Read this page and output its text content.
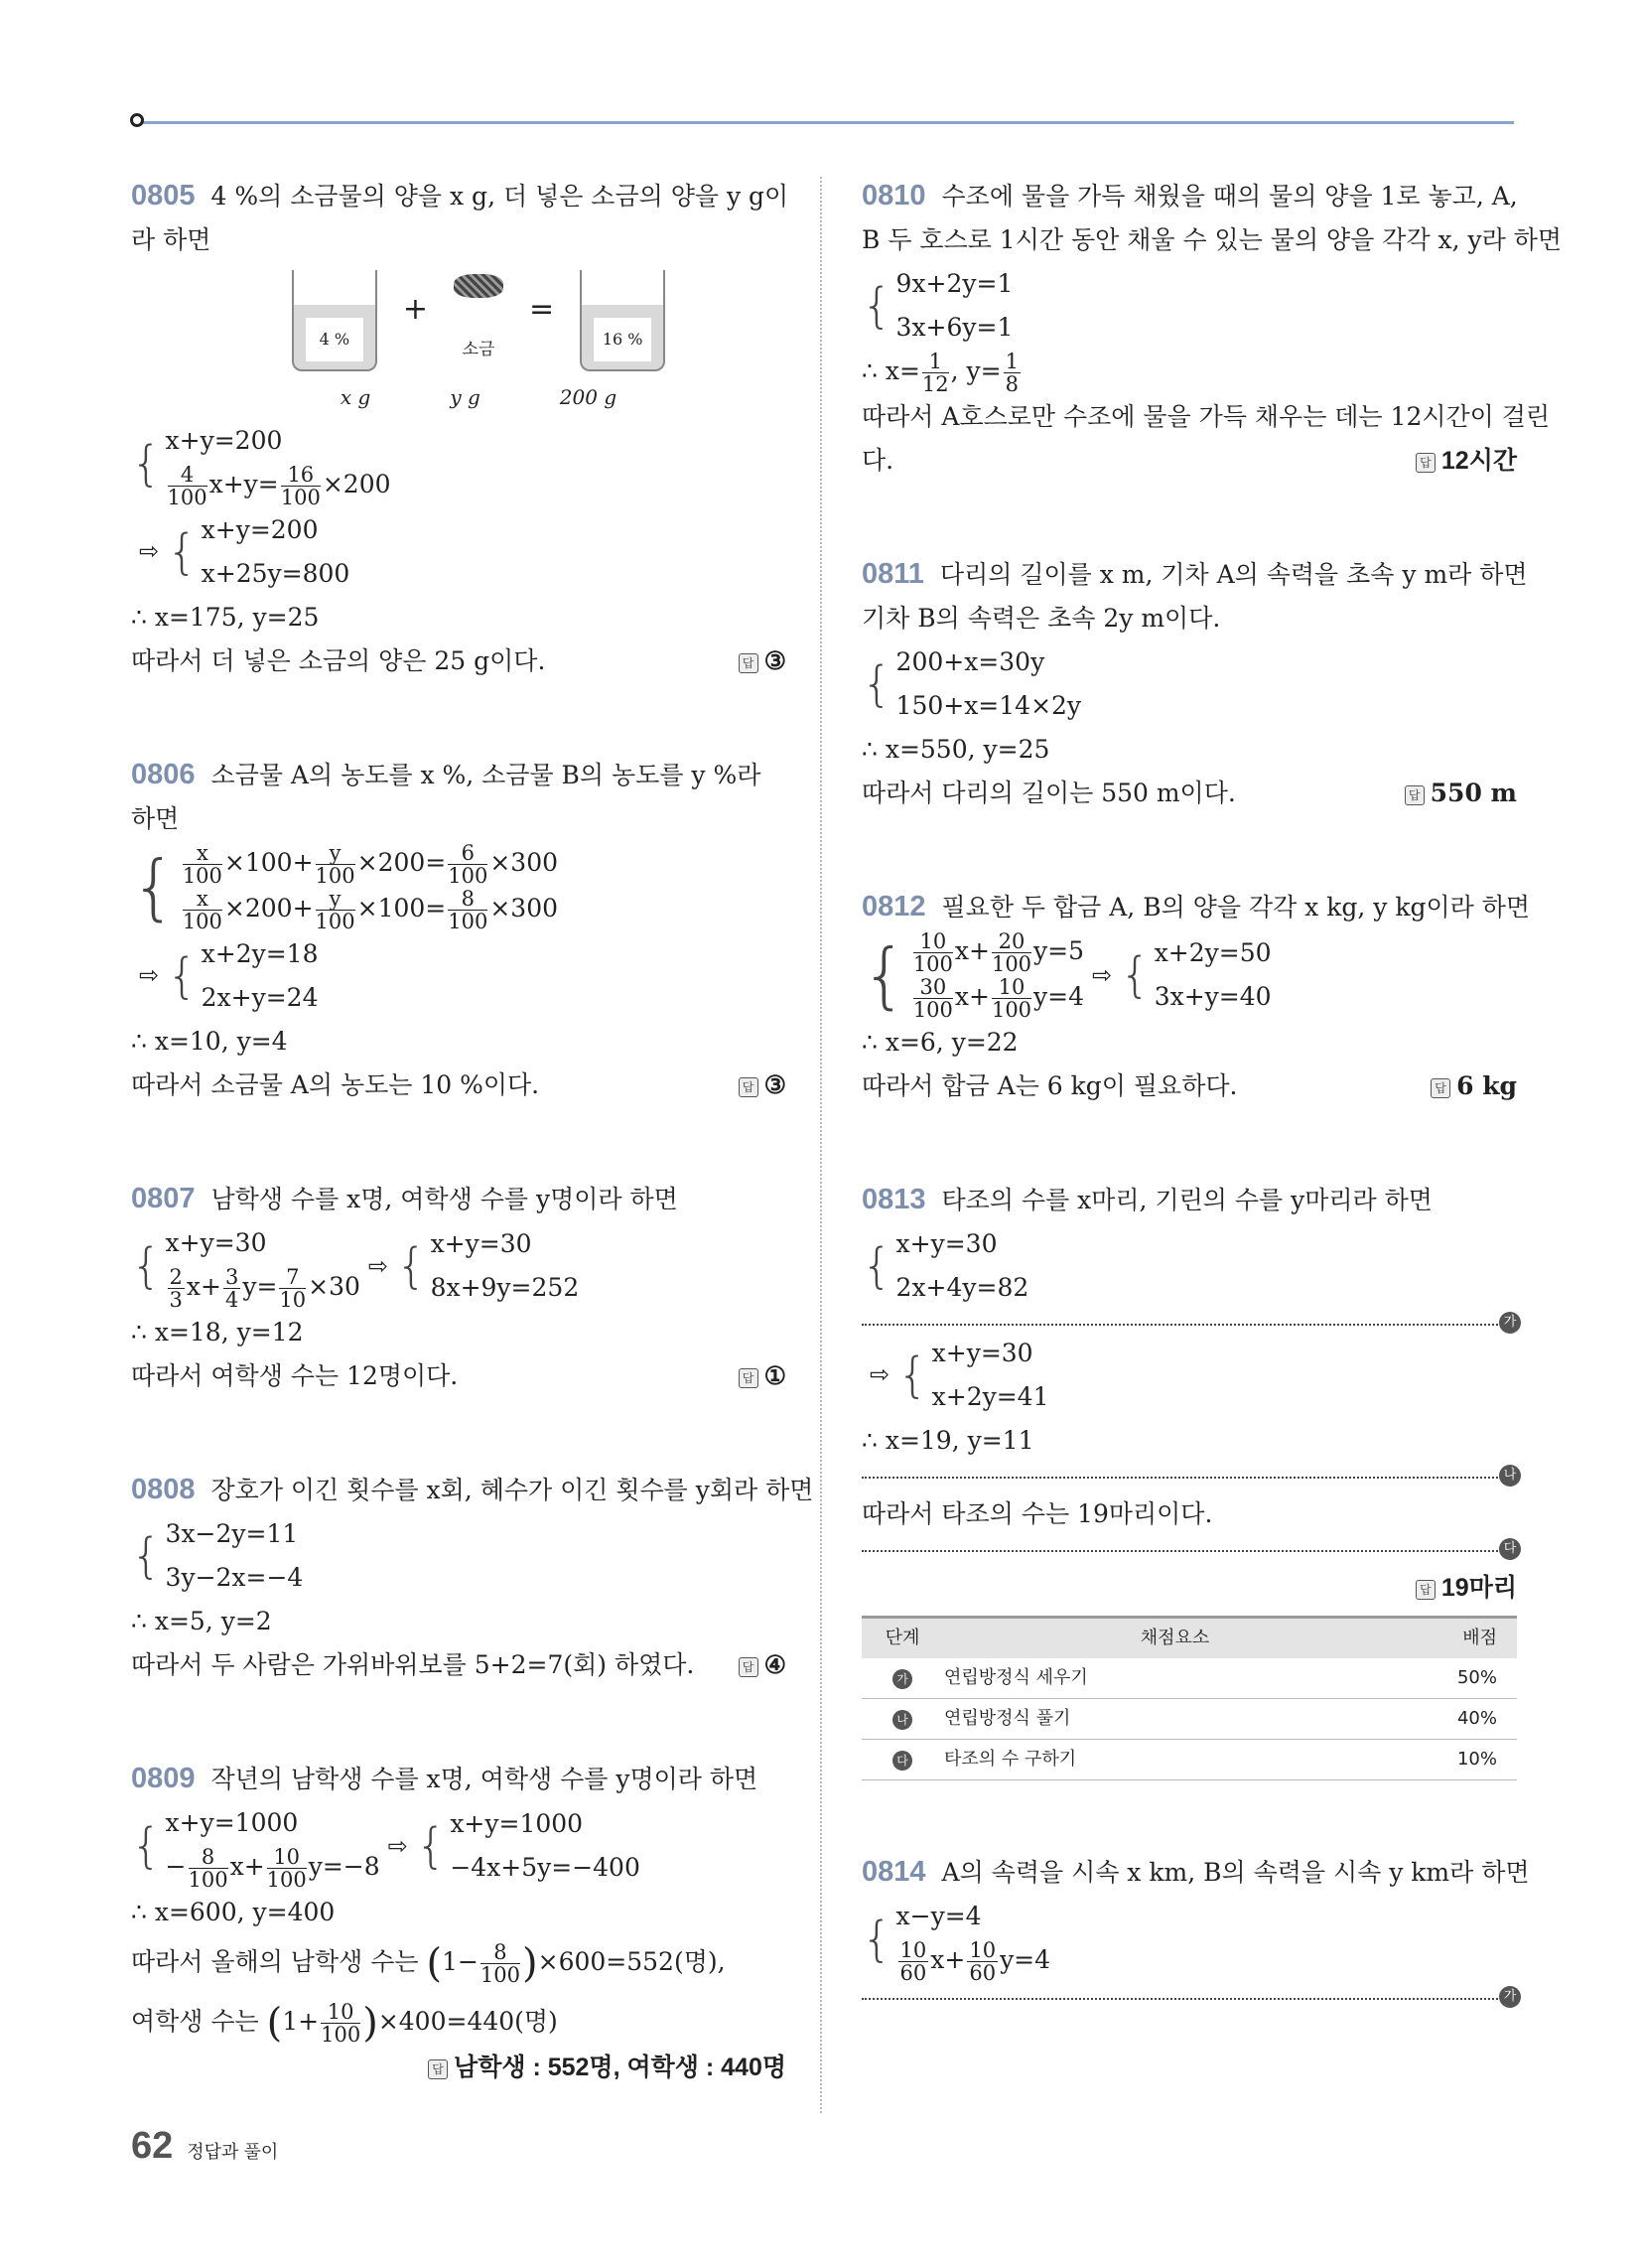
0805 4 %의 소금물의 양을 x g, 더 넣은 소금의 양을 y g이
라 하면
4 %
+
소금
=
16 %
x g	y g	200 g
{ x+y=200
$\frac{4}{100} x+y= \frac{16}{100} \times 200$
⇨ { x+y=200
x+25y=800
∴ x=175, y=25
따라서 더 넣은 소금의 양은 25 g이다.	답 ③
0806 소금물 A의 농도를 x %, 소금물 B의 농도를 y %라
하면
{ $\frac{x}{100} \times 100+ \frac{y}{100} \times 200= \frac{6}{100} \times 300$
$\frac{x}{100} \times 200+ \frac{y}{100} \times 100= \frac{8}{100} \times 300$
⇨ { x+2y=18
2x+y=24
∴ x=10, y=4
따라서 소금물 A의 농도는 10 %이다.	답 ③
0807 남학생 수를 x명, 여학생 수를 y명이라 하면
{ x+y=30
$\frac{2}{3} x+ \frac{3}{4} y= \frac{7}{10} \times 30$
⇨ { x+y=30
8x+9y=252
∴ x=18, y=12
따라서 여학생 수는 12명이다.	답 ①
0808 장호가 이긴 횟수를 x회, 혜수가 이긴 횟수를 y회라 하면
{ 3x−2y=11
3y−2x=−4
∴ x=5, y=2
따라서 두 사람은 가위바위보를 5+2=7(회) 하였다.	답 ④
0809 작년의 남학생 수를 x명, 여학생 수를 y명이라 하면
{ x+y=1000
− $\frac{8}{100} x+ \frac{10}{100} y=-8$
⇨ { x+y=1000
−4x+5y=−400
∴ x=600, y=400
따라서 올해의 남학생 수는 $(1- \frac{8}{100} )\times 600=552$(명),
여학생 수는 $(1+ \frac{10}{100} )\times 400=440$(명)
답 남학생 : 552명, 여학생 : 440명
0810 수조에 물을 가득 채웠을 때의 물의 양을 1로 놓고, A,
B 두 호스로 1시간 동안 채울 수 있는 물의 양을 각각 x, y라 하면
{ 9x+2y=1
3x+6y=1
∴ $x= \frac{1}{12}$ , $y= \frac{1}{8}$
따라서 A호스로만 수조에 물을 가득 채우는 데는 12시간이 걸린
다.	답 12시간
0811 다리의 길이를 x m, 기차 A의 속력을 초속 y m라 하면
기차 B의 속력은 초속 2y m이다.
{ 200+x=30y
150+x=14×2y
∴ x=550, y=25
따라서 다리의 길이는 550 m이다.	답 550 m
0812 필요한 두 합금 A, B의 양을 각각 x kg, y kg이라 하면
{ $\frac{10}{100} x+ \frac{20}{100} y=5$
$\frac{30}{100} x+ \frac{10}{100} y=4$
⇨ { x+2y=50
3x+y=40
∴ x=6, y=22
따라서 합금 A는 6 kg이 필요하다.	답 6 kg
0813 타조의 수를 x마리, 기린의 수를 y마리라 하면
{ x+y=30
2x+4y=82
가
⇨ { x+y=30
x+2y=41
∴ x=19, y=11
나
따라서 타조의 수는 19마리이다.
다
답 19마리
단계	채점요소	배점
가	연립방정식 세우기	50%
나	연립방정식 풀기	40%
다	타조의 수 구하기	10%
0814 A의 속력을 시속 x km, B의 속력을 시속 y km라 하면
{ x−y=4
$\frac{10}{60} x+ \frac{10}{60} y=4$
가
62 정답과 풀이
